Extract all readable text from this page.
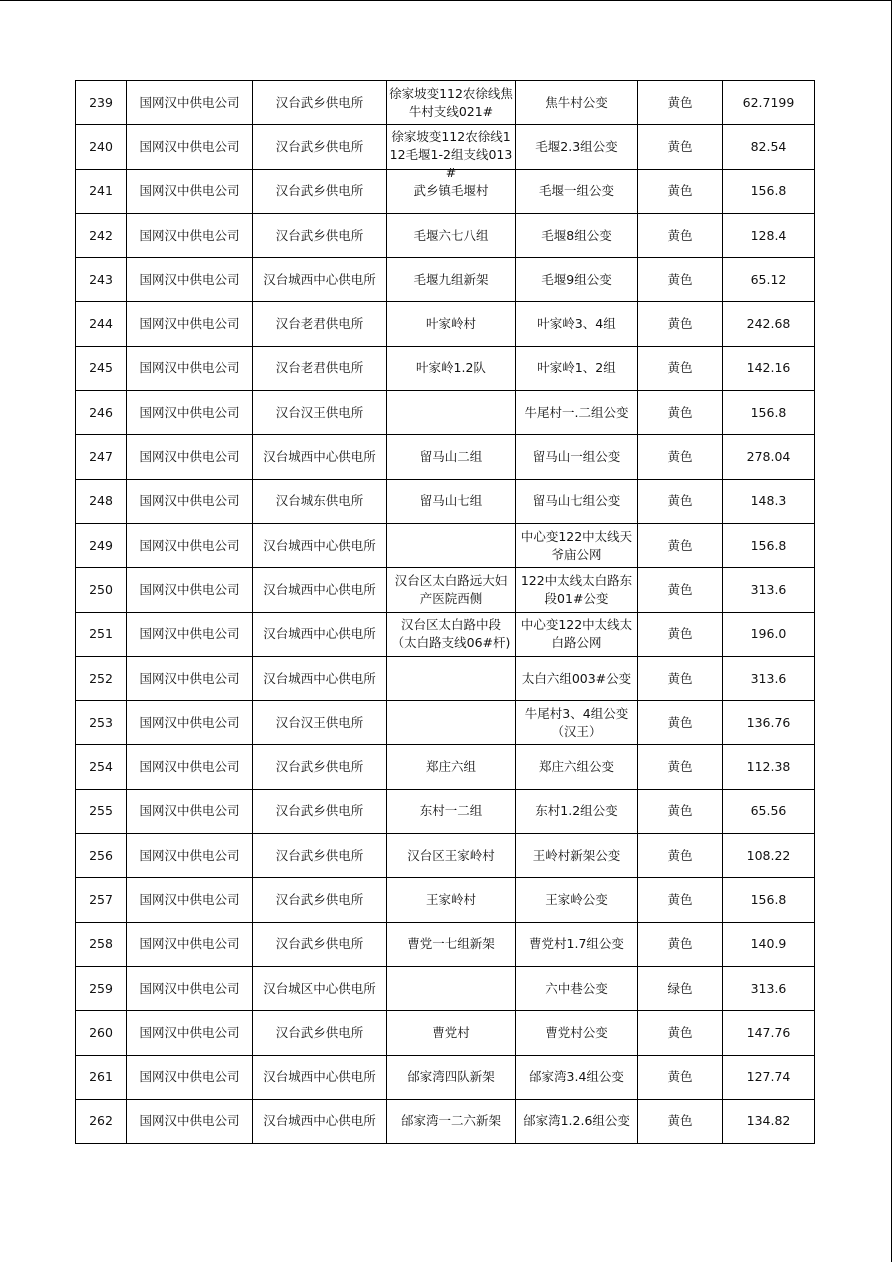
239	国网汉中供电公司	汉台武乡供电所	徐家坡变112农徐线焦牛村支线021#	焦牛村公变	黄色	62.7199

240	国网汉中供电公司	汉台武乡供电所	徐家坡变112农徐线112毛堰1-2组支线013#	毛堰2.3组公变	黄色	82.54

241	国网汉中供电公司	汉台武乡供电所	武乡镇毛堰村	毛堰一组公变	黄色	156.8

242	国网汉中供电公司	汉台武乡供电所	毛堰六七八组	毛堰8组公变	黄色	128.4

243	国网汉中供电公司	汉台城西中心供电所	毛堰九组新架	毛堰9组公变	黄色	65.12

244	国网汉中供电公司	汉台老君供电所	叶家岭村	叶家岭3、4组	黄色	242.68

245	国网汉中供电公司	汉台老君供电所	叶家岭1.2队	叶家岭1、2组	黄色	142.16

246	国网汉中供电公司	汉台汉王供电所		牛尾村一.二组公变	黄色	156.8

247	国网汉中供电公司	汉台城西中心供电所	留马山二组	留马山一组公变	黄色	278.04

248	国网汉中供电公司	汉台城东供电所	留马山七组	留马山七组公变	黄色	148.3

249	国网汉中供电公司	汉台城西中心供电所		中心变122中太线天爷庙公网	黄色	156.8

250	国网汉中供电公司	汉台城西中心供电所	汉台区太白路远大妇产医院西侧	122中太线太白路东段01#公变	黄色	313.6

251	国网汉中供电公司	汉台城西中心供电所	汉台区太白路中段（太白路支线06#杆)	中心变122中太线太白路公网	黄色	196.0

252	国网汉中供电公司	汉台城西中心供电所		太白六组003#公变	黄色	313.6

253	国网汉中供电公司	汉台汉王供电所		牛尾村3、4组公变（汉王）	黄色	136.76

254	国网汉中供电公司	汉台武乡供电所	郑庄六组	郑庄六组公变	黄色	112.38

255	国网汉中供电公司	汉台武乡供电所	东村一二组	东村1.2组公变	黄色	65.56

256	国网汉中供电公司	汉台武乡供电所	汉台区王家岭村	王岭村新架公变	黄色	108.22

257	国网汉中供电公司	汉台武乡供电所	王家岭村	王家岭公变	黄色	156.8

258	国网汉中供电公司	汉台武乡供电所	曹党一七组新架	曹党村1.7组公变	黄色	140.9

259	国网汉中供电公司	汉台城区中心供电所		六中巷公变	绿色	313.6

260	国网汉中供电公司	汉台武乡供电所	曹党村	曹党村公变	黄色	147.76

261	国网汉中供电公司	汉台城西中心供电所	邰家湾四队新架	邰家湾3.4组公变	黄色	127.74

262	国网汉中供电公司	汉台城西中心供电所	邰家湾一二六新架	邰家湾1.2.6组公变	黄色	134.82
